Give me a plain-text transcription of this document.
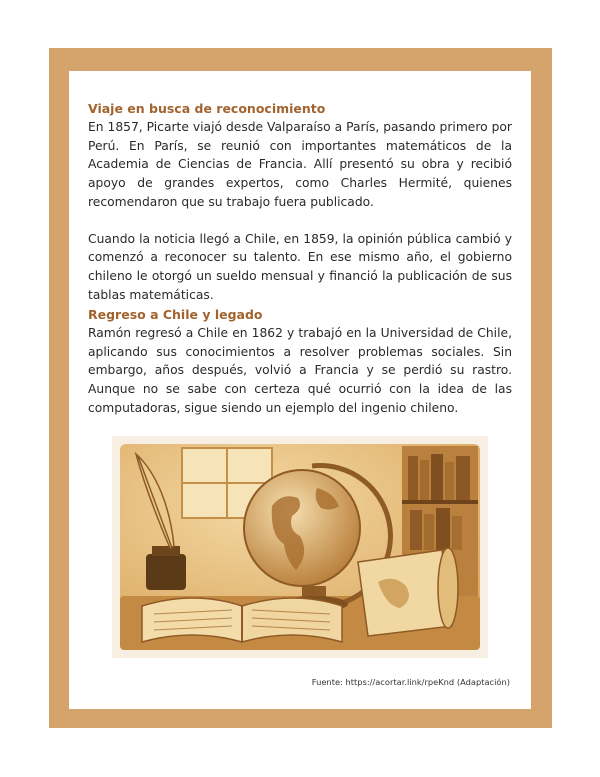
Viaje en busca de reconocimiento

En 1857, Picarte viajó desde Valparaíso a París, pasando primero por Perú. En París, se reunió con importantes matemáticos de la Academia de Ciencias de Francia. Allí presentó su obra y recibió apoyo de grandes expertos, como Charles Hermité, quienes recomendaron que su trabajo fuera publicado.

Cuando la noticia llegó a Chile, en 1859, la opinión pública cambió y comenzó a reconocer su talento. En ese mismo año, el gobierno chileno le otorgó un sueldo mensual y financió la publicación de sus tablas matemáticas.

Regreso a Chile y legado

Ramón regresó a Chile en 1862 y trabajó en la Universidad de Chile, aplicando sus conocimientos a resolver problemas sociales. Sin embargo, años después, volvió a Francia y se perdió su rastro. Aunque no se sabe con certeza qué ocurrió con la idea de las computadoras, sigue siendo un ejemplo del ingenio chileno.

Fuente: https://acortar.link/rpeKnd (Adaptación)
